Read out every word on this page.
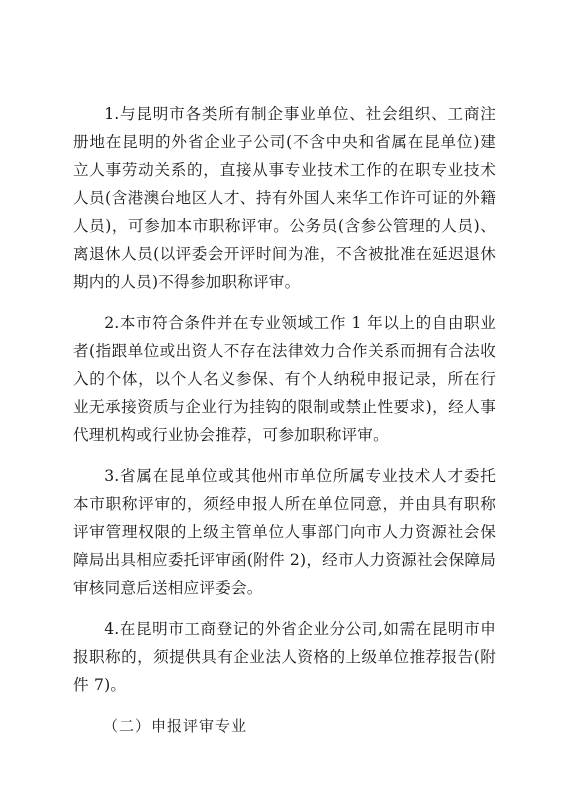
1.与昆明市各类所有制企事业单位、社会组织、工商注册地在昆明的外省企业子公司(不含中央和省属在昆单位)建立人事劳动关系的，直接从事专业技术工作的在职专业技术人员(含港澳台地区人才、持有外国人来华工作许可证的外籍人员)，可参加本市职称评审。公务员(含参公管理的人员)、离退休人员(以评委会开评时间为准，不含被批准在延迟退休期内的人员)不得参加职称评审。

2.本市符合条件并在专业领域工作 1 年以上的自由职业者(指跟单位或出资人不存在法律效力合作关系而拥有合法收入的个体，以个人名义参保、有个人纳税申报记录，所在行业无承接资质与企业行为挂钩的限制或禁止性要求)，经人事代理机构或行业协会推荐，可参加职称评审。

3.省属在昆单位或其他州市单位所属专业技术人才委托本市职称评审的，须经申报人所在单位同意，并由具有职称评审管理权限的上级主管单位人事部门向市人力资源社会保障局出具相应委托评审函(附件 2)，经市人力资源社会保障局审核同意后送相应评委会。

4.在昆明市工商登记的外省企业分公司,如需在昆明市申报职称的，须提供具有企业法人资格的上级单位推荐报告(附件 7)。

（二）申报评审专业
